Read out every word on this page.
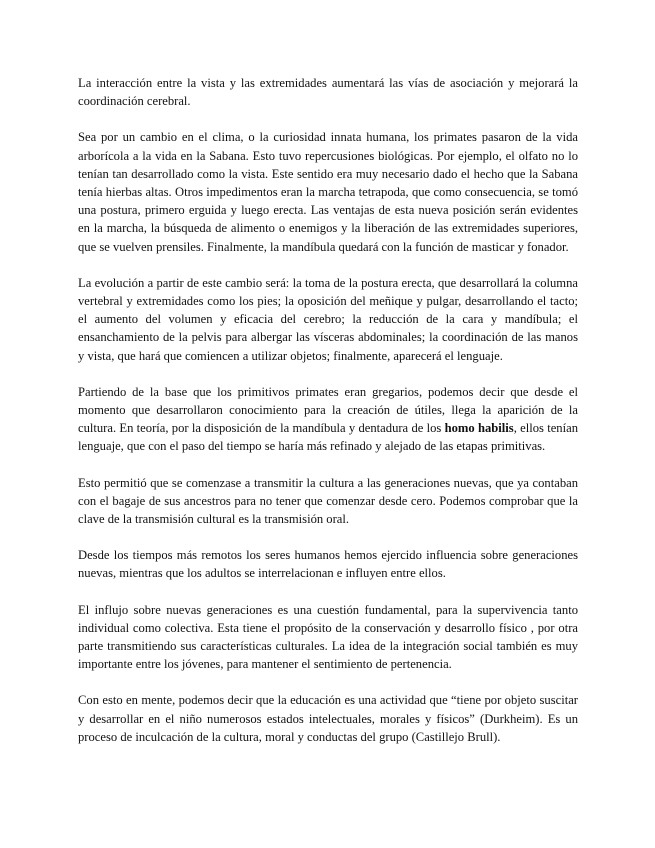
La interacción entre la vista y las extremidades aumentará las vías de asociación y mejorará la coordinación cerebral.

Sea por un cambio en el clima, o la curiosidad innata humana, los primates pasaron de la vida arborícola a la vida en la Sabana. Esto tuvo repercusiones biológicas. Por ejemplo, el olfato no lo tenían tan desarrollado como la vista. Este sentido era muy necesario dado el hecho que la Sabana tenía hierbas altas. Otros impedimentos eran la marcha tetrapoda, que como consecuencia, se tomó una postura, primero erguida y luego erecta. Las ventajas de esta nueva posición serán evidentes en la marcha, la búsqueda de alimento o enemigos y la liberación de las extremidades superiores, que se vuelven prensiles. Finalmente, la mandíbula quedará con la función de masticar y fonador.

La evolución a partir de este cambio será: la toma de la postura erecta, que desarrollará la columna vertebral y extremidades como los pies; la oposición del meñique y pulgar, desarrollando el tacto; el aumento del volumen y eficacia del cerebro; la reducción de la cara y mandíbula; el ensanchamiento de la pelvis para albergar las vísceras abdominales; la coordinación de las manos y vista, que hará que comiencen a utilizar objetos; finalmente, aparecerá el lenguaje.

Partiendo de la base que los primitivos primates eran gregarios, podemos decir que desde el momento que desarrollaron conocimiento para la creación de útiles, llega la aparición de la cultura. En teoría, por la disposición de la mandíbula y dentadura de los homo habilis, ellos tenían lenguaje, que con el paso del tiempo se haría más refinado y alejado de las etapas primitivas.

Esto permitió que se comenzase a transmitir la cultura a las generaciones nuevas, que ya contaban con el bagaje de sus ancestros para no tener que comenzar desde cero. Podemos comprobar que la clave de la transmisión cultural es la transmisión oral.

Desde los tiempos más remotos los seres humanos hemos ejercido influencia sobre generaciones nuevas, mientras que los adultos se interrelacionan e influyen entre ellos.

El influjo sobre nuevas generaciones es una cuestión fundamental, para la supervivencia tanto individual como colectiva. Esta tiene el propósito de la conservación y desarrollo físico , por otra parte transmitiendo sus características culturales. La idea de la integración social también es muy importante entre los jóvenes, para mantener el sentimiento de pertenencia.

Con esto en mente, podemos decir que la educación es una actividad que “tiene por objeto suscitar y desarrollar en el niño numerosos estados intelectuales, morales y físicos” (Durkheim). Es un proceso de inculcación de la cultura, moral y conductas del grupo (Castillejo Brull).
